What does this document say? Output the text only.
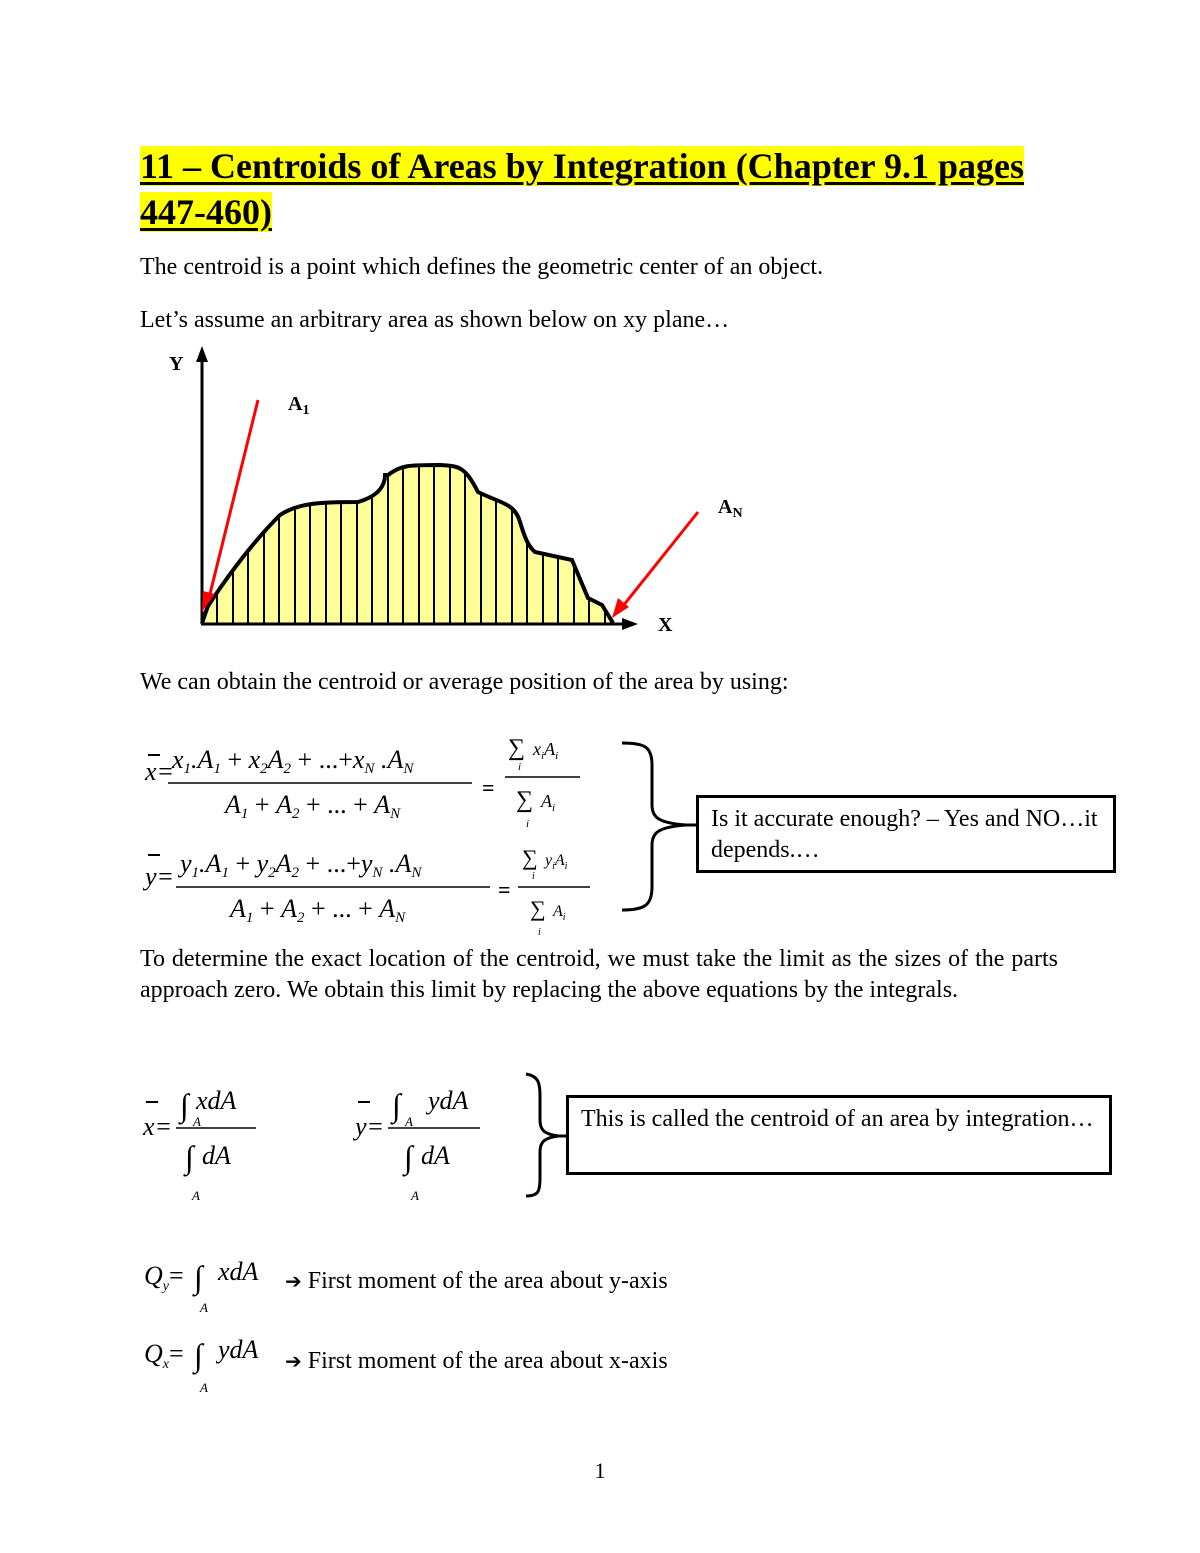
11 – Centroids of Areas by Integration (Chapter 9.1 pages 447-460)
The centroid is a point which defines the geometric center of an object.
Let’s assume an arbitrary area as shown below on xy plane…
Y
X
$A_1$
$A_N$
We can obtain the centroid or average position of the area by using:
x=
x1.A1 + x2A2 + ...+xN .AN
A1 + A2 + ... + AN
=
∑ $x_iA_i$
i
∑ $A_i$
i
y= y1.A1 + y2A2 + ...+yN .AN
A1 + A2 + ... + AN
=
∑ $y_iA_i$
i
∑ $A_i$
i
Is it accurate enough? – Yes and NO…it depends.…
To determine the exact location of the centroid, we must take the limit as the sizes of the parts approach zero. We obtain this limit by replacing the above equations by the integrals.
x=
∫ xdA
A
∫ dA
A
y=
∫ ydA
A
∫ dA
A
This is called the centroid of an area by integration…
$Q_y=$ ∫ xdA
A
$Q_x=$ ∫ ydA
A
➔ First moment of the area about y-axis
➔ First moment of the area about x-axis
1
